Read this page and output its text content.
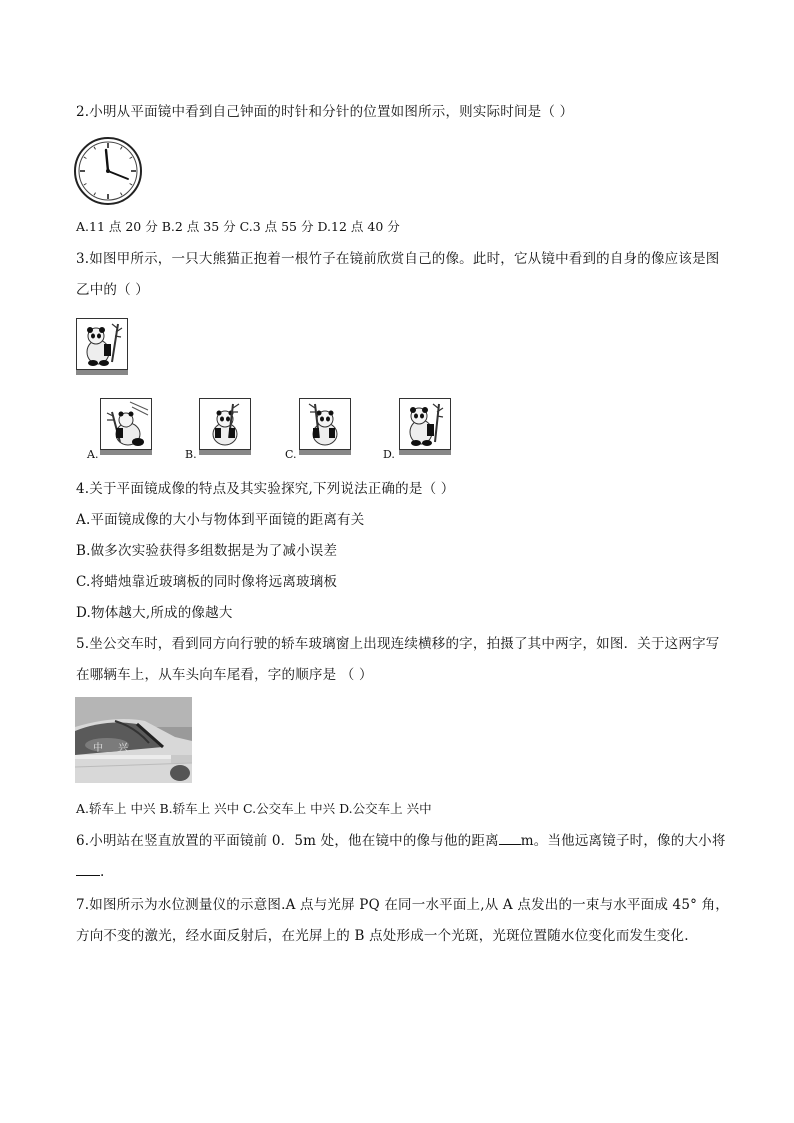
2.小明从平面镜中看到自己钟面的时针和分针的位置如图所示，则实际时间是（ ）
A.11 点 20 分 B.2 点 35 分 C.3 点 55 分 D.12 点 40 分
3.如图甲所示，一只大熊猫正抱着一根竹子在镜前欣赏自己的像。此时，它从镜中看到的自身的像应该是图
乙中的（ ）
A.	B.	C.	D.
4.关于平面镜成像的特点及其实验探究,下列说法正确的是（ ）
A.平面镜成像的大小与物体到平面镜的距离有关
B.做多次实验获得多组数据是为了减小误差
C.将蜡烛靠近玻璃板的同时像将远离玻璃板
D.物体越大,所成的像越大
5.坐公交车时，看到同方向行驶的轿车玻璃窗上出现连续横移的字，拍摄了其中两字，如图．关于这两字写
在哪辆车上，从车头向车尾看，字的顺序是 （ ）
中 兴
A.轿车上 中兴 B.轿车上 兴中 C.公交车上 中兴 D.公交车上 兴中
6.小明站在竖直放置的平面镜前 0．5m 处，他在镜中的像与他的距离 m。当他远离镜子时，像的大小将
.
7.如图所示为水位测量仪的示意图.A 点与光屏 PQ 在同一水平面上,从 A 点发出的一束与水平面成 45° 角，
方向不变的激光，经水面反射后，在光屏上的 B 点处形成一个光斑，光斑位置随水位变化而发生变化.
